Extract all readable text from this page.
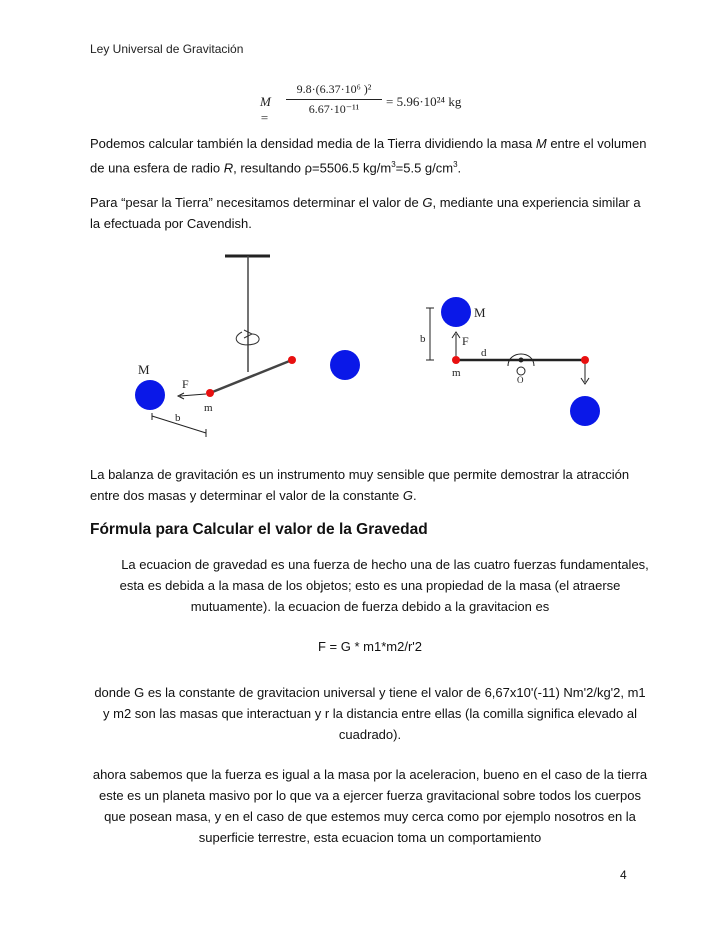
Ley Universal de Gravitación
M =
9.8·(6.37·10⁶ )²
6.67·10⁻¹¹	= 5.96·10²⁴ kg

Podemos calcular también la densidad media de la Tierra dividiendo la masa M entre el volumen de una esfera de radio R, resultando ρ=5506.5 $kg/m^3=5.5$ $g/cm^3$.

Para “pesar la Tierra” necesitamos determinar el valor de G, mediante una experiencia similar a la efectuada por Cavendish.

M
F
m
b
b
M
F
m
d
O

La balanza de gravitación es un instrumento muy sensible que permite demostrar la atracción entre dos masas y determinar el valor de la constante G.

Fórmula para Calcular el valor de la Gravedad

La ecuacion de gravedad es una fuerza de hecho una de las cuatro fuerzas fundamentales, esta es debida a la masa de los objetos; esto es una propiedad de la masa (el atraerse mutuamente). la ecuacion de fuerza debido a la gravitacion es

F = G * m1*m2/r'2

donde G es la constante de gravitacion universal y tiene el valor de 6,67x10'(-11) Nm'2/kg'2, m1 y m2 son las masas que interactuan y r la distancia entre ellas (la comilla significa elevado al cuadrado).

ahora sabemos que la fuerza es igual a la masa por la aceleracion, bueno en el caso de la tierra este es un planeta masivo por lo que va a ejercer fuerza gravitacional sobre todos los cuerpos que posean masa, y en el caso de que estemos muy cerca como por ejemplo nosotros en la superficie terrestre, esta ecuacion toma un comportamiento

4
